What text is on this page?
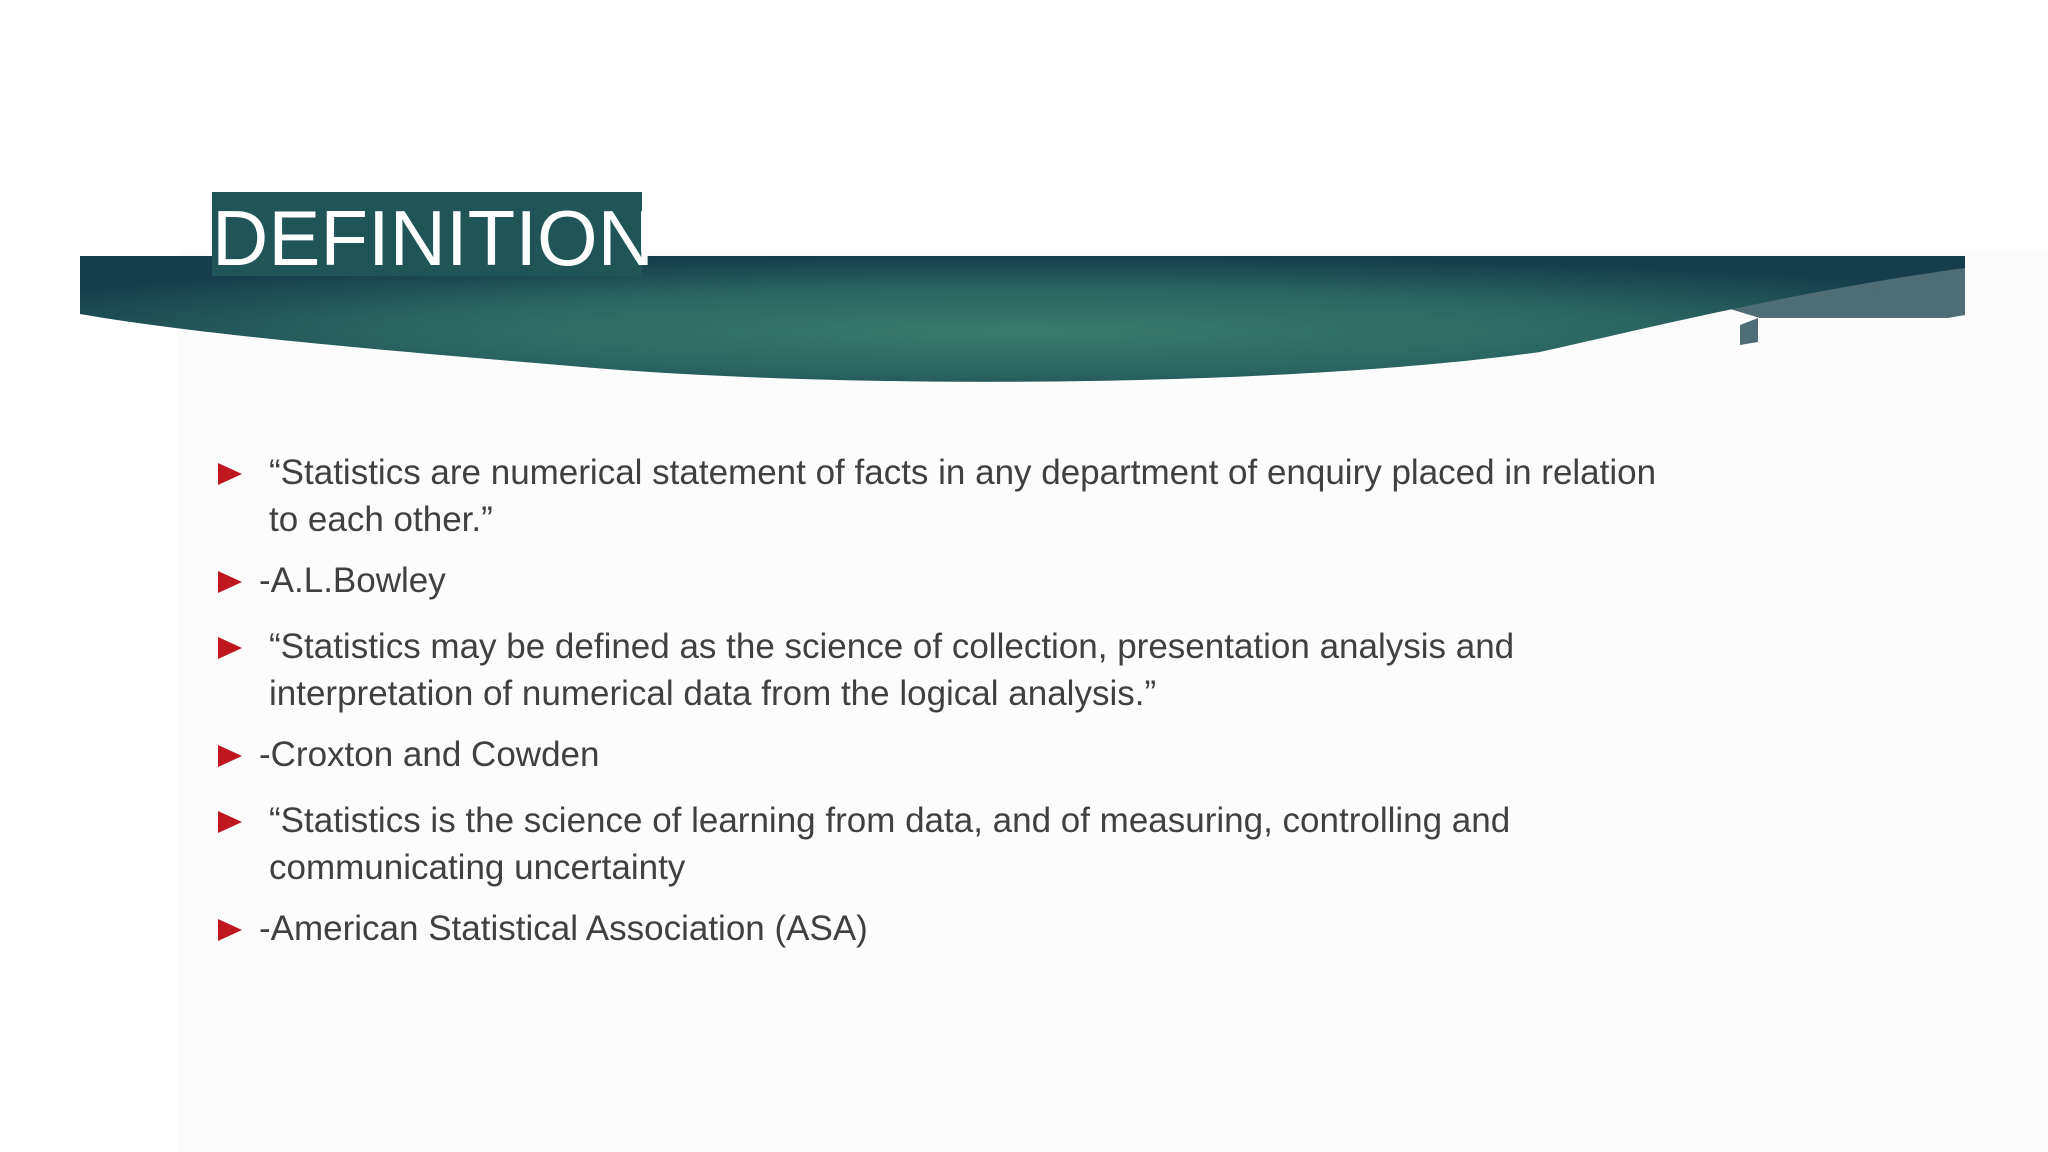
DEFINITION
“Statistics are numerical statement of facts in any department of enquiry placed in relation to each other.”
-A.L.Bowley
“Statistics may be defined as the science of collection, presentation analysis and interpretation of numerical data from the logical analysis.”
-Croxton and Cowden
“Statistics is the science of learning from data, and of measuring, controlling and communicating uncertainty
-American Statistical Association (ASA)
